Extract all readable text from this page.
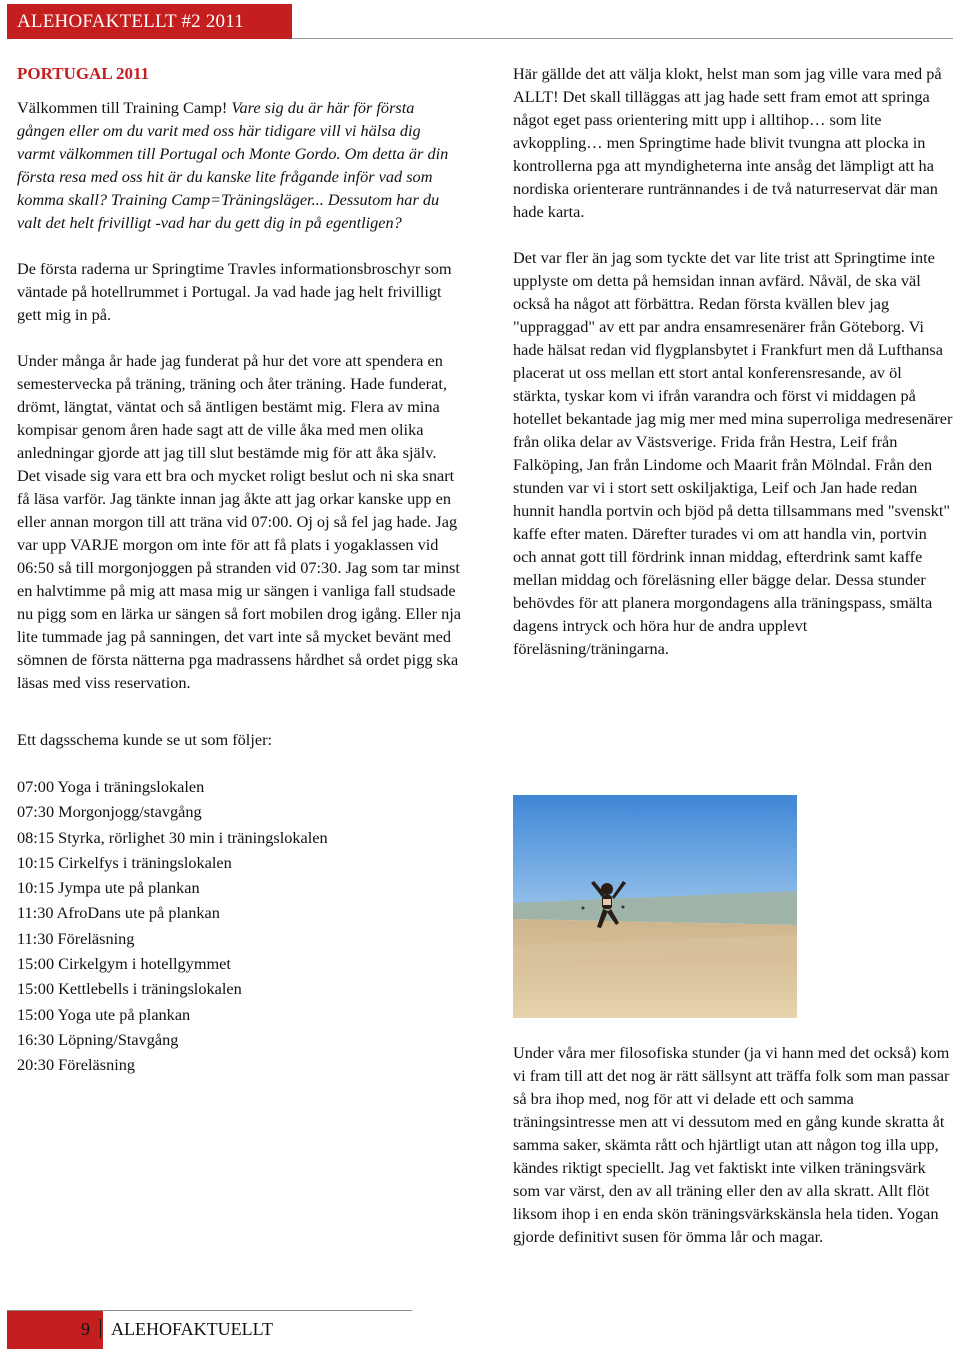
ALEHOFAKTELLT #2 2011
PORTUGAL 2011

Välkommen till Training Camp! Vare sig du är här för första gången eller om du varit med oss här tidigare vill vi hälsa dig varmt välkommen till Portugal och Monte Gordo. Om detta är din första resa med oss hit är du kanske lite frågande inför vad som komma skall? Training Camp=Träningsläger... Dessutom har du valt det helt frivilligt -vad har du gett dig in på egentligen?

De första raderna ur Springtime Travles informationsbroschyr som väntade på hotellrummet i Portugal. Ja vad hade jag helt frivilligt gett mig in på.

Under många år hade jag funderat på hur det vore att spendera en semestervecka på träning, träning och åter träning. Hade funderat, drömt, längtat, väntat och så äntligen bestämt mig. Flera av mina kompisar genom åren hade sagt att de ville åka med men olika anledningar gjorde att jag till slut bestämde mig för att åka själv. Det visade sig vara ett bra och mycket roligt beslut och ni ska snart få läsa varför. Jag tänkte innan jag åkte att jag orkar kanske upp en eller annan morgon till att träna vid 07:00. Oj oj så fel jag hade. Jag var upp VARJE morgon om inte för att få plats i yogaklassen vid 06:50 så till morgonjoggen på stranden vid 07:30. Jag som tar minst en halvtimme på mig att masa mig ur sängen i vanliga fall studsade nu pigg som en lärka ur sängen så fort mobilen drog igång. Eller nja lite tummade jag på sanningen, det vart inte så mycket bevänt med sömnen de första nätterna pga madrassens hårdhet så ordet pigg ska läsas med viss reservation.

Ett dagsschema kunde se ut som följer:

07:00 Yoga i träningslokalen
07:30 Morgonjogg/stavgång
08:15 Styrka, rörlighet 30 min i träningslokalen
10:15 Cirkelfys i träningslokalen
10:15 Jympa ute på plankan
11:30 AfroDans ute på plankan
11:30 Föreläsning
15:00 Cirkelgym i hotellgymmet
15:00 Kettlebells i träningslokalen
15:00 Yoga ute på plankan
16:30 Löpning/Stavgång
20:30 Föreläsning

Här gällde det att välja klokt, helst man som jag ville vara med på ALLT! Det skall tilläggas att jag hade sett fram emot att springa något eget pass orientering mitt upp i alltihop… som lite avkoppling… men Springtime hade blivit tvungna att plocka in kontrollerna pga att myndigheterna inte ansåg det lämpligt att ha nordiska orienterare runtrännandes i de två naturreservat där man hade karta.

Det var fler än jag som tyckte det var lite trist att Springtime inte upplyste om detta på hemsidan innan avfärd. Nåväl, de ska väl också ha något att förbättra. Redan första kvällen blev jag "uppraggad" av ett par andra ensamresenärer från Göteborg. Vi hade hälsat redan vid flygplansbytet i Frankfurt men då Lufthansa placerat ut oss mellan ett stort antal konferensresande, av öl stärkta, tyskar kom vi ifrån varandra och först vi middagen på hotellet bekantade jag mig mer med mina superroliga medresenärer från olika delar av Västsverige. Frida från Hestra, Leif från Falköping, Jan från Lindome och Maarit från Mölndal. Från den stunden var vi i stort sett oskiljaktiga, Leif och Jan hade redan hunnit handla portvin och bjöd på detta tillsammans med "svenskt" kaffe efter maten. Därefter turades vi om att handla vin, portvin och annat gott till fördrink innan middag, efterdrink samt kaffe mellan middag och föreläsning eller bägge delar. Dessa stunder behövdes för att planera morgondagens alla träningspass, smälta dagens intryck och höra hur de andra upplevt föreläsning/träningarna.

Under våra mer filosofiska stunder (ja vi hann med det också) kom vi fram till att det nog är rätt sällsynt att träffa folk som man passar så bra ihop med, nog för att vi delade ett och samma träningsintresse men att vi dessutom med en gång kunde skratta åt samma saker, skämta rått och hjärtligt utan att någon tog illa upp, kändes riktigt speciellt. Jag vet faktiskt inte vilken träningsvärk som var värst, den av all träning eller den av alla skratt. Allt flöt liksom ihop i en enda skön träningsvärkskänsla hela tiden. Yogan gjorde definitivt susen för ömma lår och magar.

9 ALEHOFAKTUELLT
